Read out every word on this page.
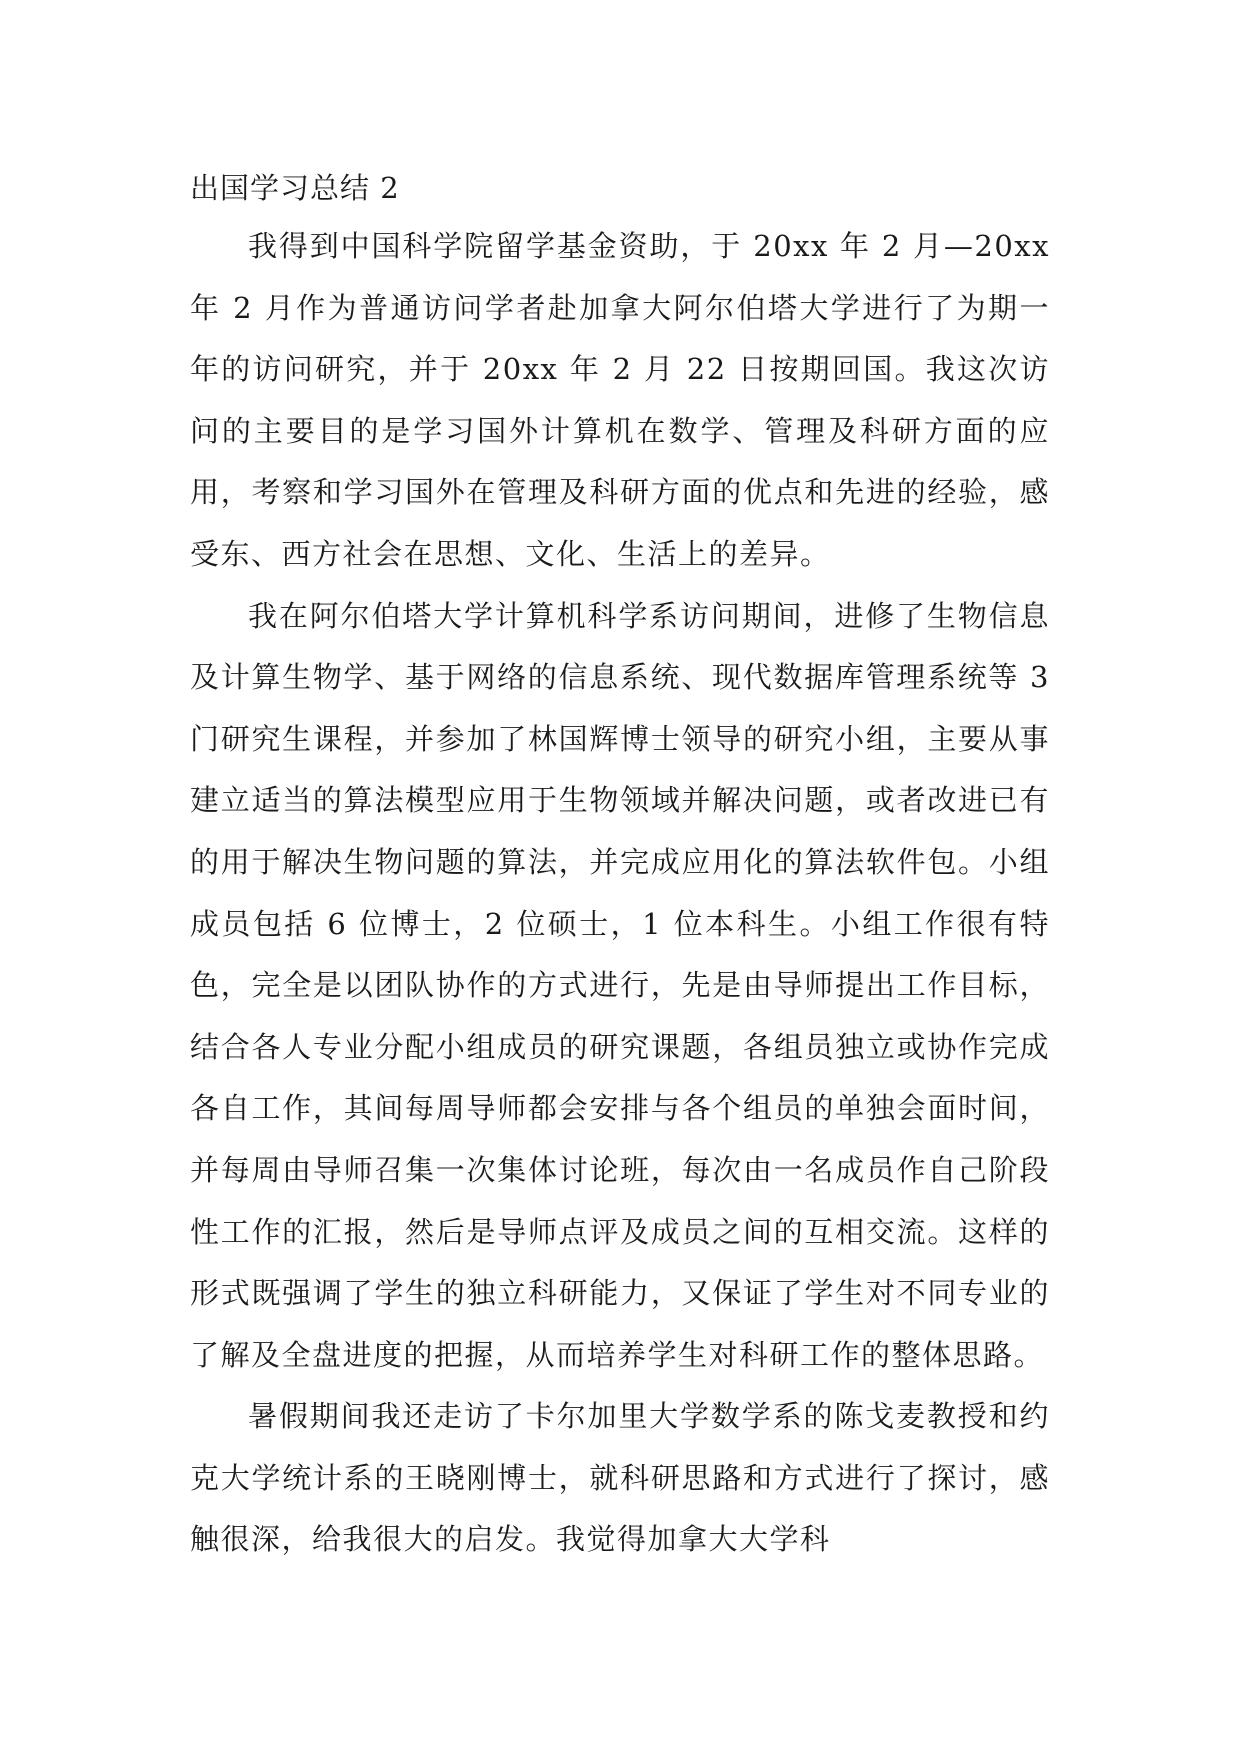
出国学习总结 2

我得到中国科学院留学基金资助，于 20xx 年 2 月—20xx 年 2 月作为普通访问学者赴加拿大阿尔伯塔大学进行了为期一年的访问研究，并于 20xx 年 2 月 22 日按期回国。我这次访问的主要目的是学习国外计算机在数学、管理及科研方面的应用，考察和学习国外在管理及科研方面的优点和先进的经验，感受东、西方社会在思想、文化、生活上的差异。

我在阿尔伯塔大学计算机科学系访问期间，进修了生物信息及计算生物学、基于网络的信息系统、现代数据库管理系统等 3 门研究生课程，并参加了林国辉博士领导的研究小组，主要从事建立适当的算法模型应用于生物领域并解决问题，或者改进已有的用于解决生物问题的算法，并完成应用化的算法软件包。小组成员包括 6 位博士，2 位硕士，1 位本科生。小组工作很有特色，完全是以团队协作的方式进行，先是由导师提出工作目标，结合各人专业分配小组成员的研究课题，各组员独立或协作完成各自工作，其间每周导师都会安排与各个组员的单独会面时间，并每周由导师召集一次集体讨论班，每次由一名成员作自己阶段性工作的汇报，然后是导师点评及成员之间的互相交流。这样的形式既强调了学生的独立科研能力，又保证了学生对不同专业的了解及全盘进度的把握，从而培养学生对科研工作的整体思路。

暑假期间我还走访了卡尔加里大学数学系的陈戈麦教授和约克大学统计系的王晓刚博士，就科研思路和方式进行了探讨，感触很深，给我很大的启发。我觉得加拿大大学科
